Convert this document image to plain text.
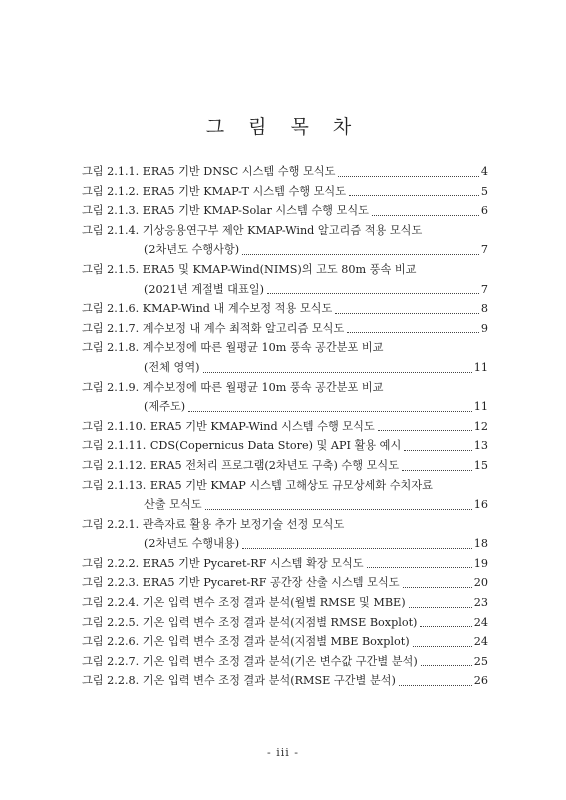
그 림 목 차
그림 2.1.1. ERA5 기반 DNSC 시스템 수행 모식도	4
그림 2.1.2. ERA5 기반 KMAP-T 시스템 수행 모식도	5
그림 2.1.3. ERA5 기반 KMAP-Solar 시스템 수행 모식도	6
그림 2.1.4. 기상응용연구부 제안 KMAP-Wind 알고리즘 적용 모식도
(2차년도 수행사항)	7
그림 2.1.5. ERA5 및 KMAP-Wind(NIMS)의 고도 80m 풍속 비교
(2021년 계절별 대표일)	7
그림 2.1.6. KMAP-Wind 내 계수보정 적용 모식도	8
그림 2.1.7. 계수보정 내 계수 최적화 알고리즘 모식도	9
그림 2.1.8. 계수보정에 따른 월평균 10m 풍속 공간분포 비교
(전체 영역)	11
그림 2.1.9. 계수보정에 따른 월평균 10m 풍속 공간분포 비교
(제주도)	11
그림 2.1.10. ERA5 기반 KMAP-Wind 시스템 수행 모식도	12
그림 2.1.11. CDS(Copernicus Data Store) 및 API 활용 예시	13
그림 2.1.12. ERA5 전처리 프로그램(2차년도 구축) 수행 모식도	15
그림 2.1.13. ERA5 기반 KMAP 시스템 고해상도 규모상세화 수치자료
산출 모식도	16
그림 2.2.1. 관측자료 활용 추가 보정기술 선정 모식도
(2차년도 수행내용)	18
그림 2.2.2. ERA5 기반 Pycaret-RF 시스템 확장 모식도	19
그림 2.2.3. ERA5 기반 Pycaret-RF 공간장 산출 시스템 모식도	20
그림 2.2.4. 기온 입력 변수 조정 결과 분석(월별 RMSE 및 MBE)	23
그림 2.2.5. 기온 입력 변수 조정 결과 분석(지점별 RMSE Boxplot)	24
그림 2.2.6. 기온 입력 변수 조정 결과 분석(지점별 MBE Boxplot)	24
그림 2.2.7. 기온 입력 변수 조정 결과 분석(기온 변수값 구간별 분석)	25
그림 2.2.8. 기온 입력 변수 조정 결과 분석(RMSE 구간별 분석)	26
- iii -
